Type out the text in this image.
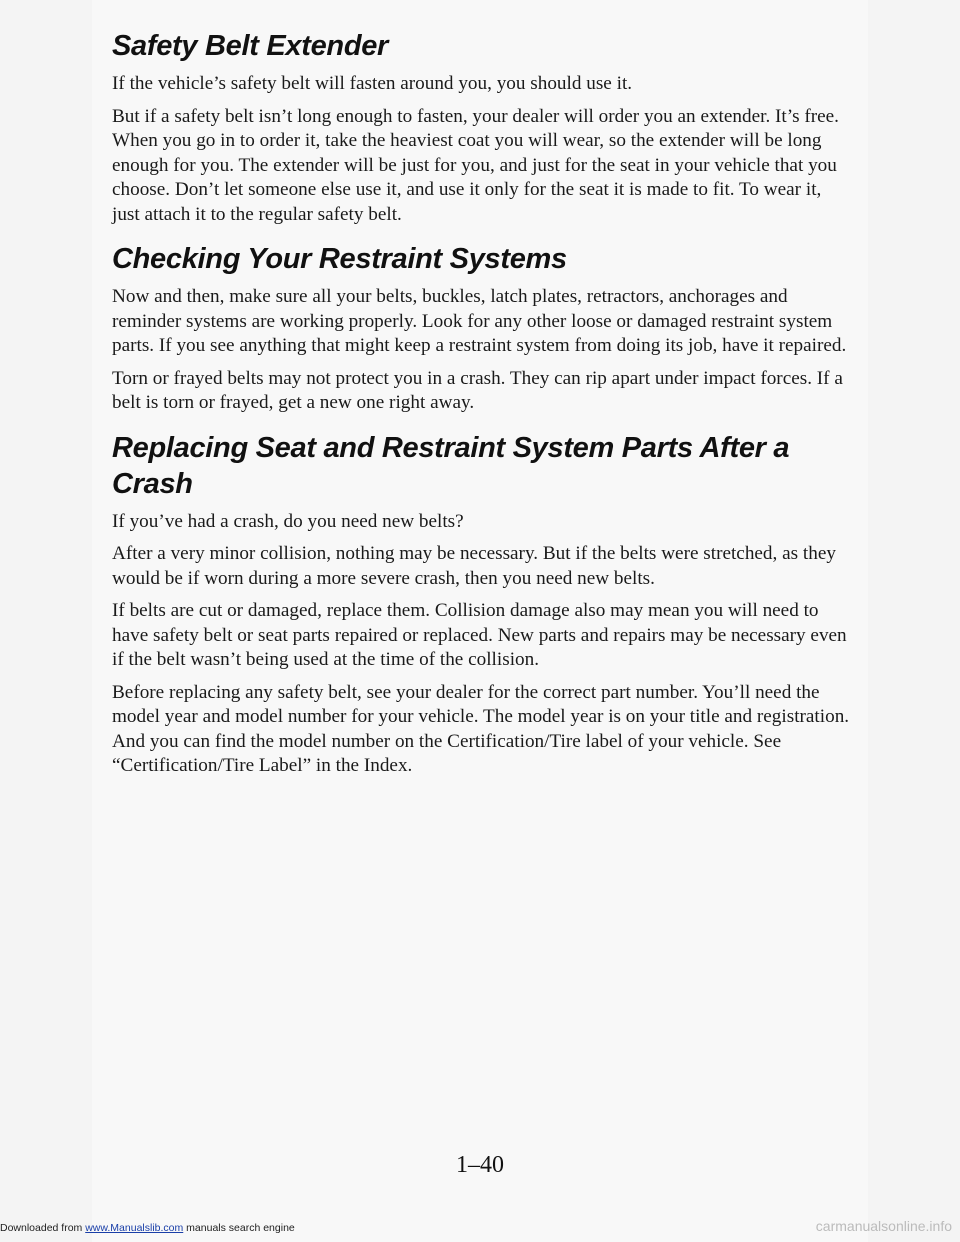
Safety Belt Extender

If the vehicle’s safety belt will fasten around you, you should use it.

But if a safety belt isn’t long enough to fasten, your dealer will order you an extender. It’s free. When you go in to order it, take the heaviest coat you will wear, so the extender will be long enough for you. The extender will be just for you, and just for the seat in your vehicle that you choose. Don’t let someone else use it, and use it only for the seat it is made to fit. To wear it, just attach it to the regular safety belt.

Checking Your Restraint Systems

Now and then, make sure all your belts, buckles, latch plates, retractors, anchorages and reminder systems are working properly. Look for any other loose or damaged restraint system parts. If you see anything that might keep a restraint system from doing its job, have it repaired.

Torn or frayed belts may not protect you in a crash. They can rip apart under impact forces. If a belt is torn or frayed, get a new one right away.

Replacing Seat and Restraint System Parts After a Crash

If you’ve had a crash, do you need new belts?

After a very minor collision, nothing may be necessary. But if the belts were stretched, as they would be if worn during a more severe crash, then you need new belts.

If belts are cut or damaged, replace them. Collision damage also may mean you will need to have safety belt or seat parts repaired or replaced. New parts and repairs may be necessary even if the belt wasn’t being used at the time of the collision.

Before replacing any safety belt, see your dealer for the correct part number. You’ll need the model year and model number for your vehicle. The model year is on your title and registration. And you can find the model number on the Certification/Tire label of your vehicle. See “Certification/Tire Label” in the Index.

1–40
Downloaded from www.Manualslib.com manuals search engine	carmanualsonline.info
